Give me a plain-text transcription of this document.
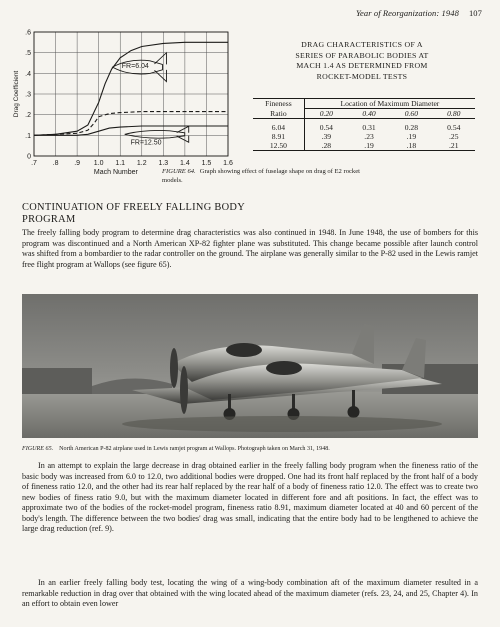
Year of Reorganization: 1948 107
.7 .8 .9 1.0 1.1 1.2 1.3 1.4 1.5 1.6
0
.1
.2
.3
.4
.5
.6
Mach Number
Drag Coefficient
FR=6.04
FR=12.50
DRAG CHARACTERISTICS OF A
SERIES OF PARABOLIC BODIES AT
MACH 1.4 AS DETERMINED FROM
ROCKET-MODEL TESTS

Fineness	Location of Maximum Diameter			
Ratio	0.20	0.40	0.60	0.80

6.04	0.54	0.31	0.28	0.54
8.91	.39	.23	.19	.25
12.50	.28	.19	.18	.21

FIGURE 64. Graph showing effect of fuselage shape on drag of E2 rocket models.
CONTINUATION OF FREELY FALLING BODY PROGRAM
The freely falling body program to determine drag characteristics was also continued in 1948. In June 1948, the use of bombers for this program was discontinued and a North American XP-82 fighter plane was substituted. This change became possible after launch control was shifted from a bombardier to the radar controller on the ground. The airplane was generally similar to the P-82 used in the Lewis ramjet free flight program at Wallops (see figure 65).
FIGURE 65. North American P-82 airplane used in Lewis ramjet program at Wallops. Photograph taken on March 31, 1948.
In an attempt to explain the large decrease in drag obtained earlier in the freely falling body program when the fineness ratio of the basic body was increased from 6.0 to 12.0, two additional bodies were dropped. One had its front half replaced by the front half of a body of fineness ratio 12.0, and the other had its rear half replaced by the rear half of a body of fineness ratio 12.0. The effect was to create two new bodies of finess ratio 9.0, but with the maximum diameter located in different fore and aft positions. In fact, the effect was to approximate two of the bodies of the rocket-model program, fineness ratio 8.91, maximum diameter located at 40 and 60 percent of the body's length. The difference between the two bodies' drag was small, indicating that the entire body had to be lengthened to achieve the large drag reduction (ref. 9).
In an earlier freely falling body test, locating the wing of a wing-body combination aft of the maximum diameter resulted in a remarkable reduction in drag over that obtained with the wing located ahead of the maximum diameter (refs. 23, 24, and 25, Chapter 4). In an effort to obtain even lower
